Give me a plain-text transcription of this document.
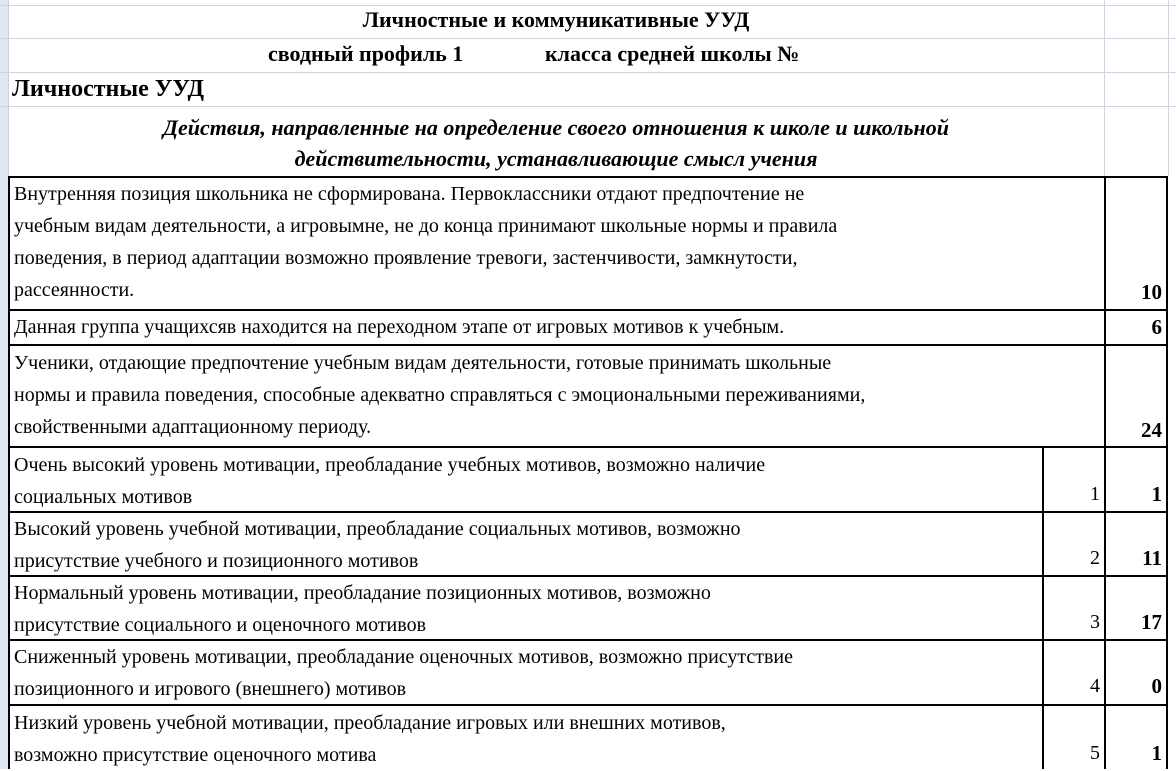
Личностные и коммуникативные УУД
сводный профиль 1	класса средней школы №
Личностные УУД
Действия, направленные на определение своего отношения к школе и школьной
действительности, устанавливающие смысл учения
Внутренняя позиция школьника не сформирована. Первоклассники отдают предпочтение не
учебным видам деятельности, а игровымне, не до конца принимают школьные нормы и правила
поведения, в период адаптации возможно проявление тревоги, застенчивости, замкнутости,
рассеянности.	10
Данная группа учащихсяв находится на переходном этапе от игровых мотивов к учебным.	6
Ученики, отдающие предпочтение учебным видам деятельности, готовые принимать школьные
нормы и правила поведения, способные адекватно справляться с эмоциональными переживаниями,
свойственными адаптационному периоду.	24
Очень высокий уровень мотивации, преобладание учебных мотивов, возможно наличие
социальных мотивов	1	1
Высокий уровень учебной мотивации, преобладание социальных мотивов, возможно
присутствие учебного и позиционного мотивов	2	11
Нормальный уровень мотивации, преобладание позиционных мотивов, возможно
присутствие социального и оценочного мотивов	3	17
Сниженный уровень мотивации, преобладание оценочных мотивов, возможно присутствие
позиционного и игрового (внешнего) мотивов	4	0
Низкий уровень учебной мотивации, преобладание игровых или внешних мотивов,
возможно присутствие оценочного мотива	5	1
